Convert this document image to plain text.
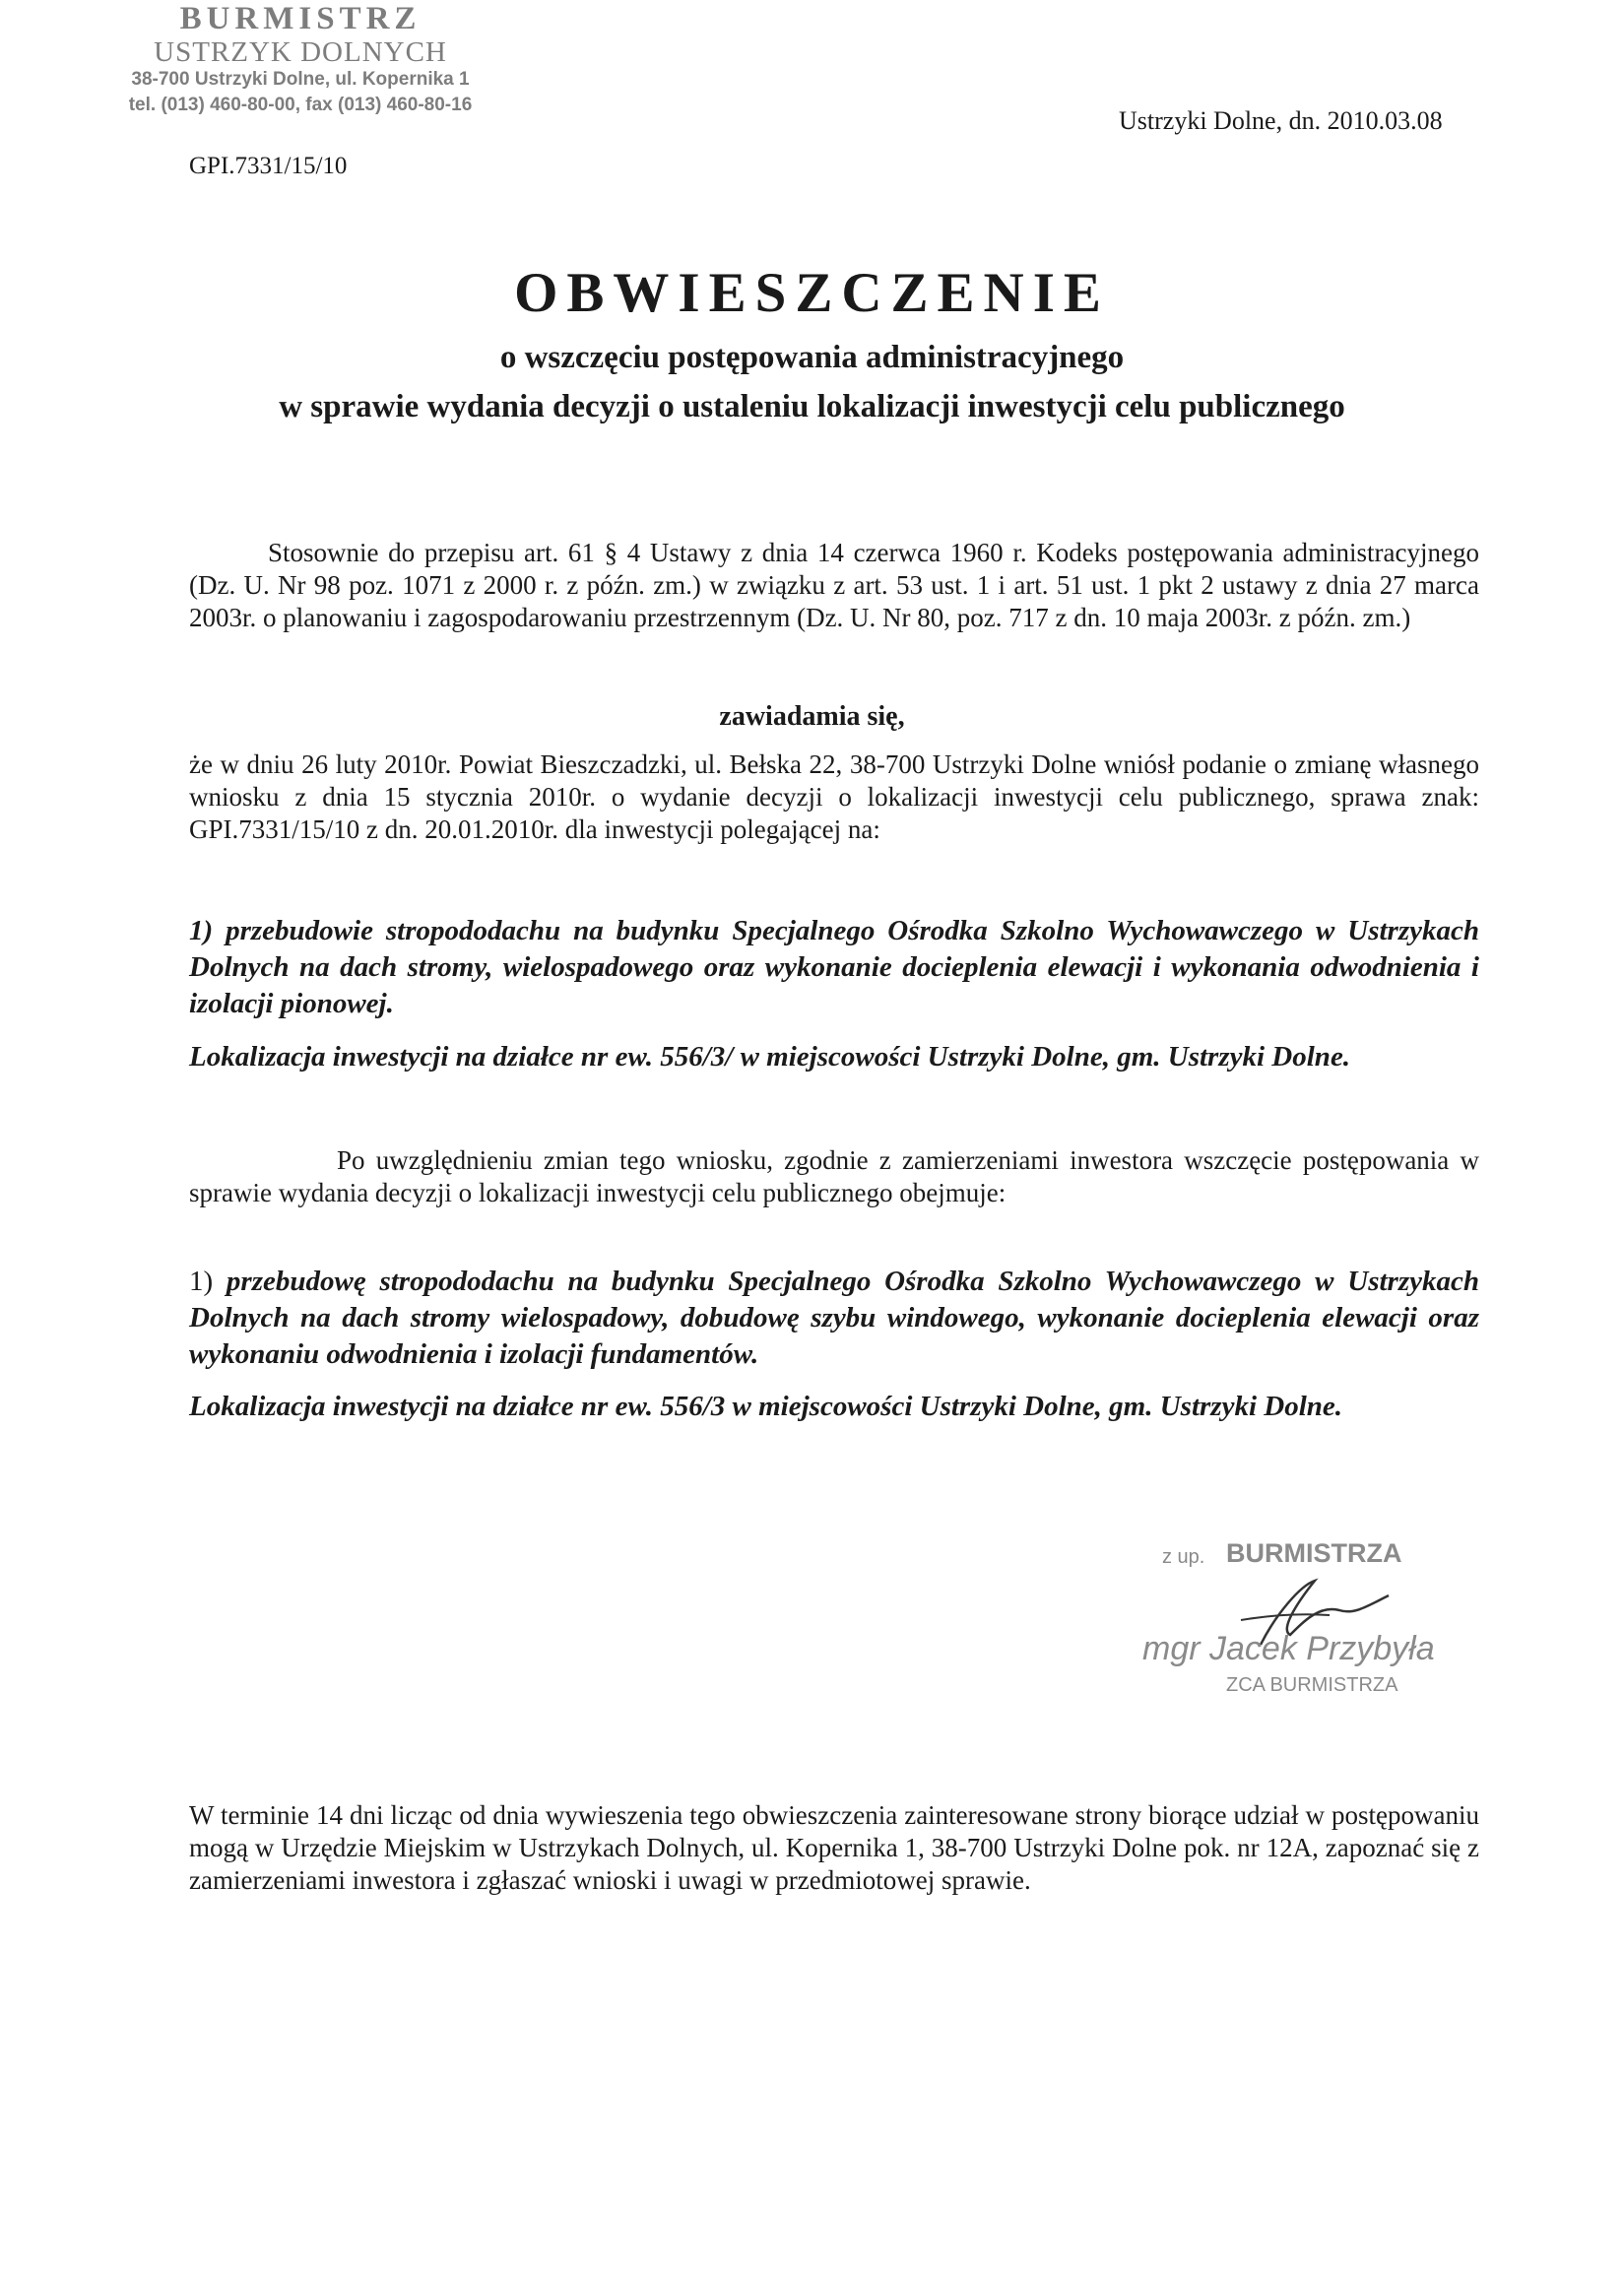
BURMISTRZ
USTRZYK DOLNYCH
38-700 Ustrzyki Dolne, ul. Kopernika 1
tel. (013) 460-80-00, fax (013) 460-80-16
Ustrzyki Dolne, dn. 2010.03.08
GPI.7331/15/10
OBWIESZCZENIE
o wszczęciu postępowania administracyjnego
w sprawie wydania decyzji o ustaleniu lokalizacji inwestycji celu publicznego
Stosownie do przepisu art. 61 § 4 Ustawy z dnia 14 czerwca 1960 r. Kodeks postępowania administracyjnego (Dz. U. Nr 98 poz. 1071 z 2000 r. z późn. zm.) w związku z art. 53 ust. 1 i art. 51 ust. 1 pkt 2 ustawy z dnia 27 marca 2003r. o planowaniu i zagospodarowaniu przestrzennym (Dz. U. Nr 80, poz. 717 z dn. 10 maja 2003r. z późn. zm.)
zawiadamia się,
że w dniu 26 luty 2010r. Powiat Bieszczadzki, ul. Bełska 22, 38-700 Ustrzyki Dolne wniósł podanie o zmianę własnego wniosku z dnia 15 stycznia 2010r. o wydanie decyzji o lokalizacji inwestycji celu publicznego, sprawa znak: GPI.7331/15/10 z dn. 20.01.2010r. dla inwestycji polegającej na:
1) przebudowie stropododachu na budynku Specjalnego Ośrodka Szkolno Wychowawczego w Ustrzykach Dolnych na dach stromy, wielospadowego oraz wykonanie docieplenia elewacji i wykonania odwodnienia i izolacji pionowej.
Lokalizacja inwestycji na działce nr ew. 556/3/ w miejscowości Ustrzyki Dolne, gm. Ustrzyki Dolne.
Po uwzględnieniu zmian tego wniosku, zgodnie z zamierzeniami inwestora wszczęcie postępowania w sprawie wydania decyzji o lokalizacji inwestycji celu publicznego obejmuje:
1) przebudowę stropododachu na budynku Specjalnego Ośrodka Szkolno Wychowawczego w Ustrzykach Dolnych na dach stromy wielospadowy, dobudowę szybu windowego, wykonanie docieplenia elewacji oraz wykonaniu odwodnienia i izolacji fundamentów.
Lokalizacja inwestycji na działce nr ew. 556/3 w miejscowości Ustrzyki Dolne, gm. Ustrzyki Dolne.
z up. BURMISTRZA
mgr Jacek Przybyła
ZCA BURMISTRZA
W terminie 14 dni licząc od dnia wywieszenia tego obwieszczenia zainteresowane strony biorące udział w postępowaniu mogą w Urzędzie Miejskim w Ustrzykach Dolnych, ul. Kopernika 1, 38-700 Ustrzyki Dolne pok. nr 12A, zapoznać się z zamierzeniami inwestora i zgłaszać wnioski i uwagi w przedmiotowej sprawie.
